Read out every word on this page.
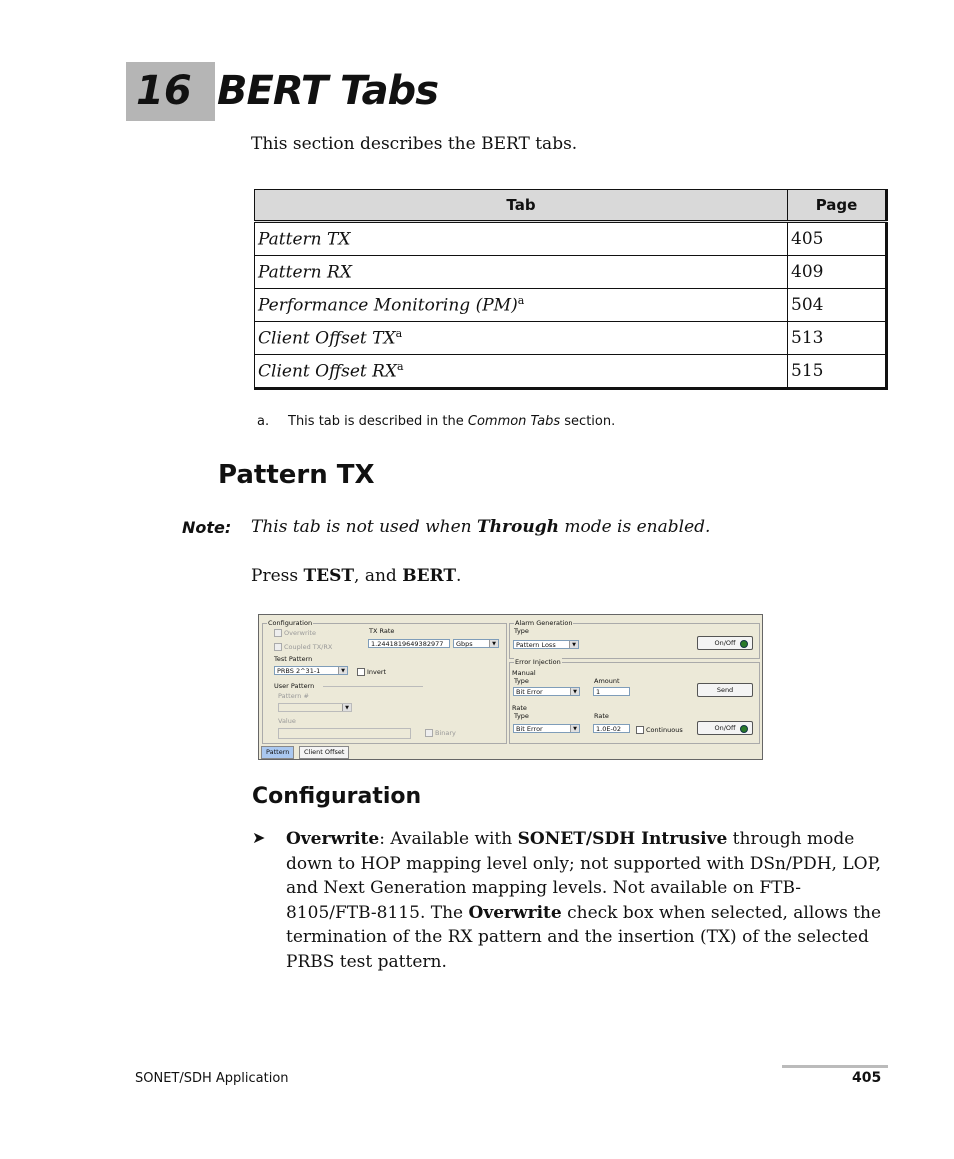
16 BERT Tabs
This section describes the BERT tabs.
Tab	Page
Pattern TX	405
Pattern RX	409
Performance Monitoring (PM)$^a$	504
Client Offset $TX^a$	513
Client Offset $RX^a$	515
a. This tab is described in the Common Tabs section.
Pattern TX
Note: This tab is not used when Through mode is enabled.
Press TEST, and BERT.
Configuration
Overwrite
Coupled TX/RX
TX Rate
1.2441819649382977	Gbps	▼
Test Pattern
PRBS 2^31-1	▼	Invert
User Pattern
Pattern #
▼
Value
Binary
Alarm Generation
Type
Pattern Loss	▼	On/Off
Error Injection
Manual
Type	Amount
Bit Error	▼	1	Send
Rate
Type	Rate
Bit Error	▼	1.0E-02	Continuous	On/Off
Pattern	Client Offset
Configuration
➤ Overwrite: Available with SONET/SDH Intrusive through mode down to HOP mapping level only; not supported with DSn/PDH, LOP, and Next Generation mapping levels. Not available on FTB-8105/FTB-8115. The Overwrite check box when selected, allows the termination of the RX pattern and the insertion (TX) of the selected PRBS test pattern.
SONET/SDH Application	405
